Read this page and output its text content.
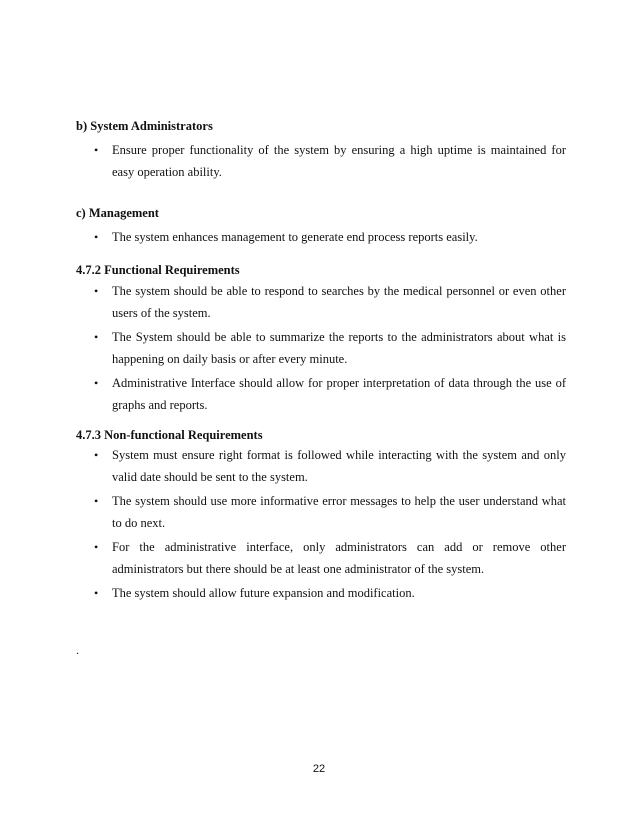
b) System Administrators
• Ensure proper functionality of the system by ensuring a high uptime is maintained for easy operation ability.
c) Management
• The system enhances management to generate end process reports easily.
4.7.2 Functional Requirements
• The system should be able to respond to searches by the medical personnel or even other users of the system.
• The System should be able to summarize the reports to the administrators about what is happening on daily basis or after every minute.
• Administrative Interface should allow for proper interpretation of data through the use of graphs and reports.
4.7.3 Non-functional Requirements
• System must ensure right format is followed while interacting with the system and only valid date should be sent to the system.
• The system should use more informative error messages to help the user understand what to do next.
• For the administrative interface, only administrators can add or remove other administrators but there should be at least one administrator of the system.
• The system should allow future expansion and modification.
.
22
